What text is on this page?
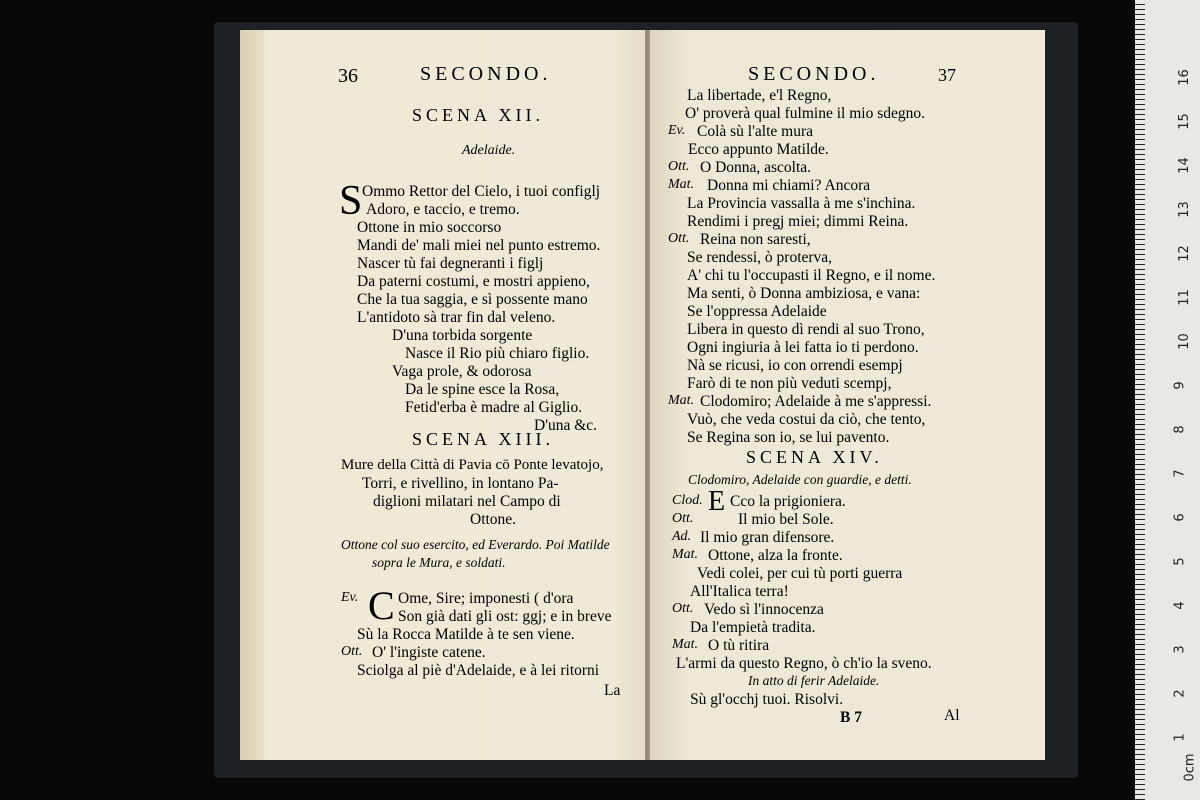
36	SECONDO.
SCENA XII.
Adelaide.
S Ommo Rettor del Cielo, i tuoi configlj
Adoro, e taccio, e tremo.
Ottone in mio soccorso
Mandi de' mali miei nel punto estremo.
Nascer tù fai degneranti i figlj
Da paterni costumi, e mostri appieno,
Che la tua saggia, e sì possente mano
L'antidoto sà trar fin dal veleno.
D'una torbida sorgente
Nasce il Rio più chiaro figlio.
Vaga prole, & odorosa
Da le spine esce la Rosa,
Fetid'erba è madre al Giglio.
D'una &c.
SCENA XIII.
Mure della Città di Pavia cō Ponte levatojo,
Torri, e rivellino, in lontano Pa-
diglioni milatari nel Campo di
Ottone.
Ottone col suo esercito, ed Everardo. Poi Matilde
sopra le Mura, e soldati.
C
Ev.	Ome, Sire; imponesti ( d'ora
Son già dati gli ost: ggj; e in breve
Sù la Rocca Matilde à te sen viene.
Ott. O' l'ingiste catene.
Sciolga al piè d'Adelaide, e à lei ritorni
La
SECONDO.	37
La libertade, e'l Regno,
O' proverà qual fulmine il mio sdegno.
Ev. Colà sù l'alte mura
Ecco appunto Matilde.
Ott. O Donna, ascolta.
Mat. Donna mi chiami? Ancora
La Provincia vassalla à me s'inchina.
Rendimi i pregj miei; dimmi Reina.
Ott. Reina non saresti,
Se rendessi, ò proterva,
A' chi tu l'occupasti il Regno, e il nome.
Ma senti, ò Donna ambiziosa, e vana:
Se l'oppressa Adelaide
Libera in questo dì rendi al suo Trono,
Ogni ingiuria à lei fatta io ti perdono.
Nà se ricusi, io con orrendi esempj
Farò di te non più veduti scempj,
Mat. Clodomiro; Adelaide à me s'appressi.
Vuò, che veda costui da ciò, che tento,
Se Regina son io, se lui pavento.
SCENA XIV.
Clodomiro, Adelaide con guardie, e detti.
E
Clod. Cco la prigioniera.
Ott.	Il mio bel Sole.
Ad. Il mio gran difensore.
Mat. Ottone, alza la fronte.
Vedi colei, per cui tù porti guerra
All'Italica terra!
Ott. Vedo sì l'innocenza
Da l'empietà tradita.
Mat. O tù ritira
L'armi da questo Regno, ò ch'io la sveno.
In atto di ferir Adelaide.
Sù gl'occhj tuoi. Risolvi.
B 7	Al
0cm
1
2
3
4
5
6
7
8
9
10
11
12
13
14
15
16
